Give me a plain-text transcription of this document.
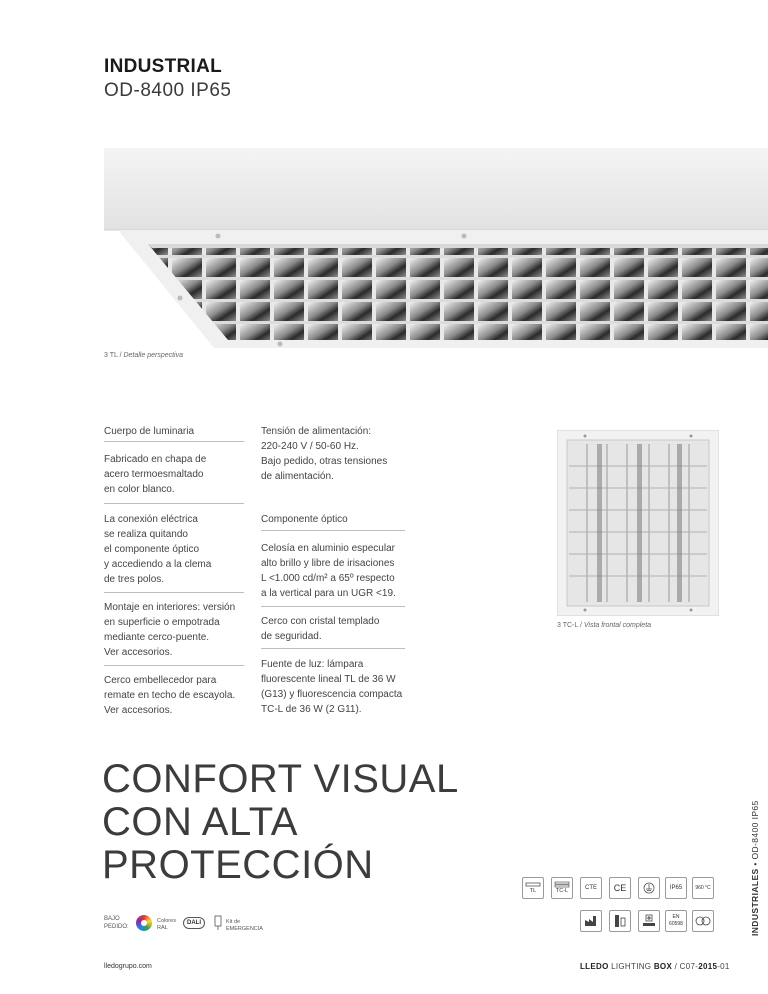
INDUSTRIAL
OD-8400 IP65
3 TL / Detalle perspectiva
Cuerpo de luminaria
Fabricado en chapa de
acero termoesmaltado
en color blanco.
La conexión eléctrica
se realiza quitando
el componente óptico
y accediendo a la clema
de tres polos.
Montaje en interiores: versión
en superficie o empotrada
mediante cerco-puente.
Ver accesorios.
Cerco embellecedor para
remate en techo de escayola.
Ver accesorios.
Tensión de alimentación:
220-240 V / 50-60 Hz.
Bajo pedido, otras tensiones
de alimentación.
Componente óptico
Celosía en aluminio especular
alto brillo y libre de irisaciones
L <1.000 cd/m² a 65º respecto
a la vertical para un UGR <19.
Cerco con cristal templado
de seguridad.
Fuente de luz: lámpara
fluorescente lineal TL de 36 W
(G13) y fluorescencia compacta
TC-L de 36 W (2 G11).
3 TC-L / Vista frontal completa
CONFORT VISUAL
CON ALTA
PROTECCIÓN
INDUSTRIALES • OD-8400 IP65
TL	TC-L
CTE	CE	IP65	960 °C
EN
60598
BAJO
PEDIDO:
Colores
RAL
DALI	Kit de
EMERGENCIA
lledogrupo.com	LLEDO LIGHTING BOX / C07-2015-01
